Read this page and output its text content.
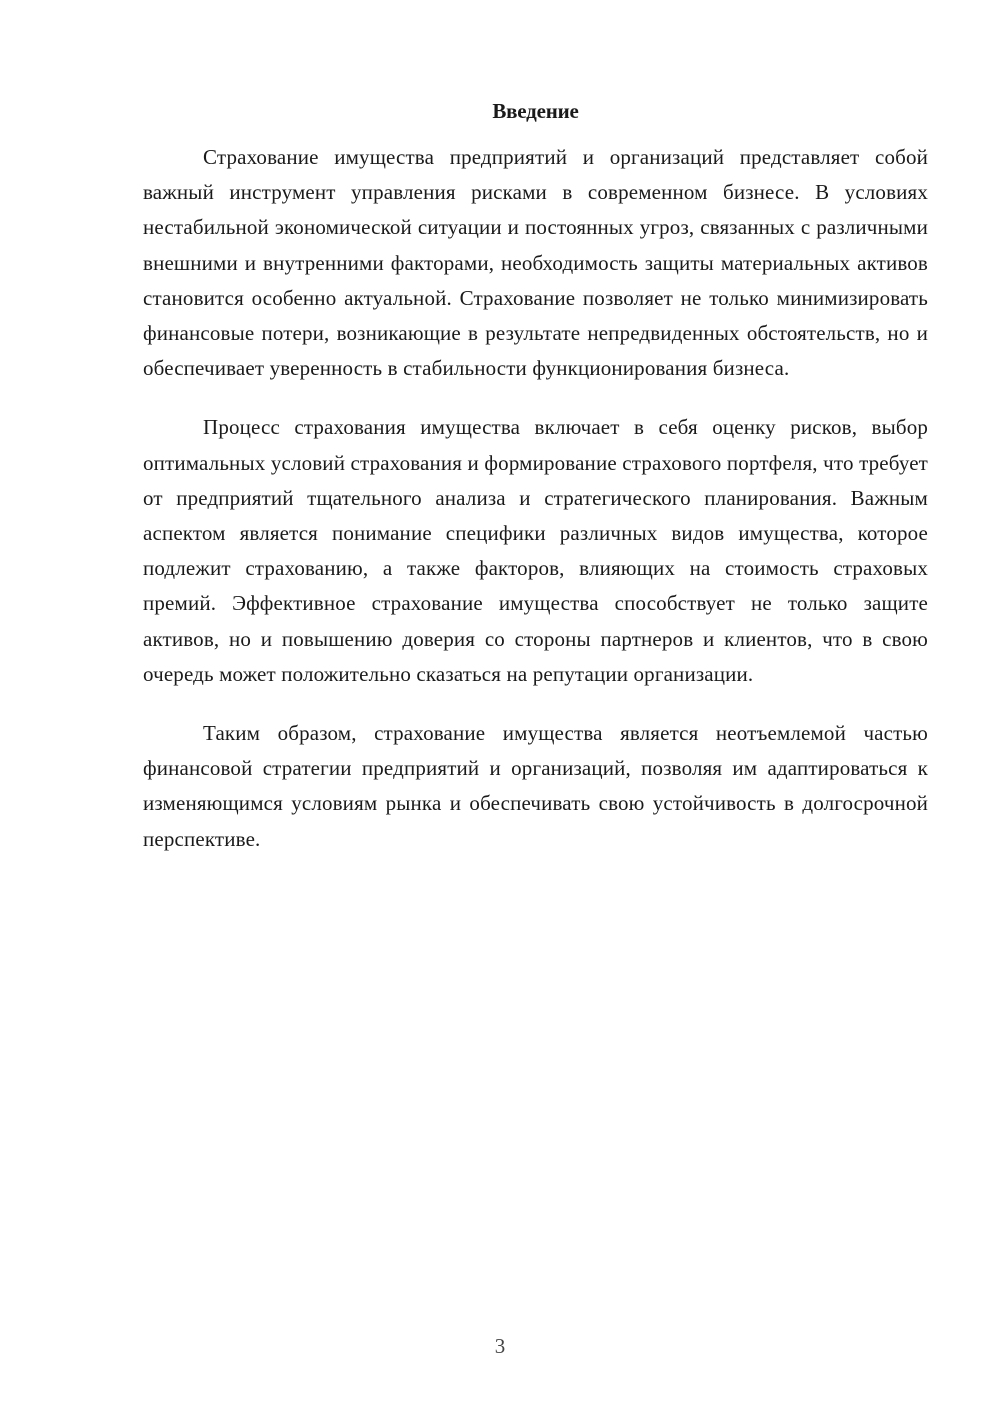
Введение

Страхование имущества предприятий и организаций представляет собой важный инструмент управления рисками в современном бизнесе. В условиях нестабильной экономической ситуации и постоянных угроз, связанных с различными внешними и внутренними факторами, необходимость защиты материальных активов становится особенно актуальной. Страхование позволяет не только минимизировать финансовые потери, возникающие в результате непредвиденных обстоятельств, но и обеспечивает уверенность в стабильности функционирования бизнеса.

Процесс страхования имущества включает в себя оценку рисков, выбор оптимальных условий страхования и формирование страхового портфеля, что требует от предприятий тщательного анализа и стратегического планирования. Важным аспектом является понимание специфики различных видов имущества, которое подлежит страхованию, а также факторов, влияющих на стоимость страховых премий. Эффективное страхование имущества способствует не только защите активов, но и повышению доверия со стороны партнеров и клиентов, что в свою очередь может положительно сказаться на репутации организации.

Таким образом, страхование имущества является неотъемлемой частью финансовой стратегии предприятий и организаций, позволяя им адаптироваться к изменяющимся условиям рынка и обеспечивать свою устойчивость в долгосрочной перспективе.

3
